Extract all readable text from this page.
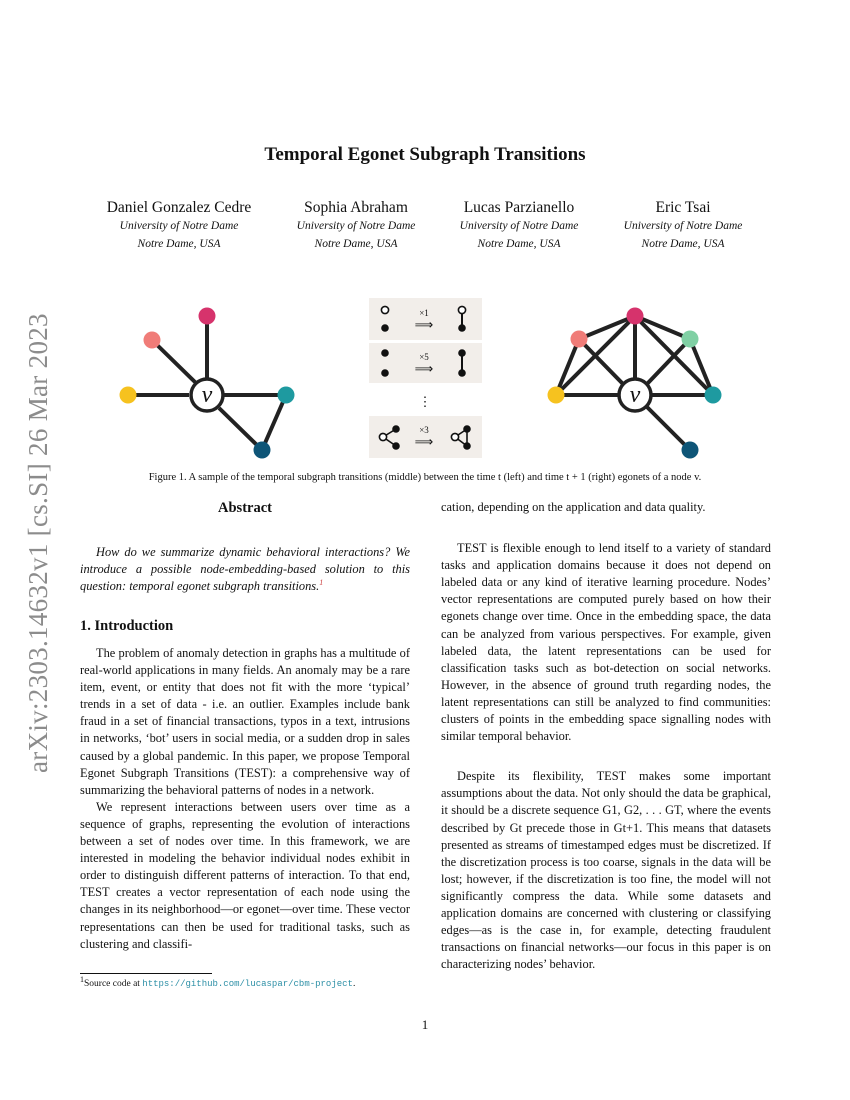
arXiv:2303.14632v1 [cs.SI] 26 Mar 2023
Temporal Egonet Subgraph Transitions
Daniel Gonzalez Cedre
University of Notre Dame
Notre Dame, USA
Sophia Abraham
University of Notre Dame
Notre Dame, USA
Lucas Parzianello
University of Notre Dame
Notre Dame, USA
Eric Tsai
University of Notre Dame
Notre Dame, USA
v
×1
⟹
×5
⟹
⋮
×3
⟹
v
Figure 1. A sample of the temporal subgraph transitions (middle) between the time t (left) and time t + 1 (right) egonets of a node v.
Abstract

How do we summarize dynamic behavioral interactions? We introduce a possible node-embedding-based solution to this question: temporal egonet subgraph transitions.$^1$

1. Introduction

The problem of anomaly detection in graphs has a multitude of real-world applications in many fields. An anomaly may be a rare item, event, or entity that does not fit with the more ‘typical’ trends in a set of data - i.e. an outlier. Examples include bank fraud in a set of financial transactions, typos in a text, intrusions in networks, ‘bot’ users in social media, or a sudden drop in sales caused by a global pandemic. In this paper, we propose Temporal Egonet Subgraph Transitions (TEST): a comprehensive way of summarizing the behavioral patterns of nodes in a network.

We represent interactions between users over time as a sequence of graphs, representing the evolution of interactions between a set of nodes over time. In this framework, we are interested in modeling the behavior individual nodes exhibit in order to distinguish different patterns of interaction. To that end, TEST creates a vector representation of each node using the changes in its neighborhood—or egonet—over time. These vector representations can then be used for traditional tasks, such as clustering and classifi-

$^1$Source code at https://github.com/lucaspar/cbm-project.

cation, depending on the application and data quality.

TEST is flexible enough to lend itself to a variety of standard tasks and application domains because it does not depend on labeled data or any kind of iterative learning procedure. Nodes’ vector representations are computed purely based on how their egonets change over time. Once in the embedding space, the data can be analyzed from various perspectives. For example, given labeled data, the latent representations can be used for classification tasks such as bot-detection on social networks. However, in the absence of ground truth regarding nodes, the latent representations can still be analyzed to find communities: clusters of points in the embedding space signalling nodes with similar temporal behavior.

Despite its flexibility, TEST makes some important assumptions about the data. Not only should the data be graphical, it should be a discrete sequence G1, G2, . . . GT, where the events described by Gt precede those in Gt+1. This means that datasets presented as streams of timestamped edges must be discretized. If the discretization process is too coarse, signals in the data will be lost; however, if the discretization is too fine, the model will not significantly compress the data. While some datasets and application domains are concerned with clustering or classifying edges—as is the case in, for example, detecting fraudulent transactions on financial networks—our focus in this paper is on characterizing nodes’ behavior.

1
